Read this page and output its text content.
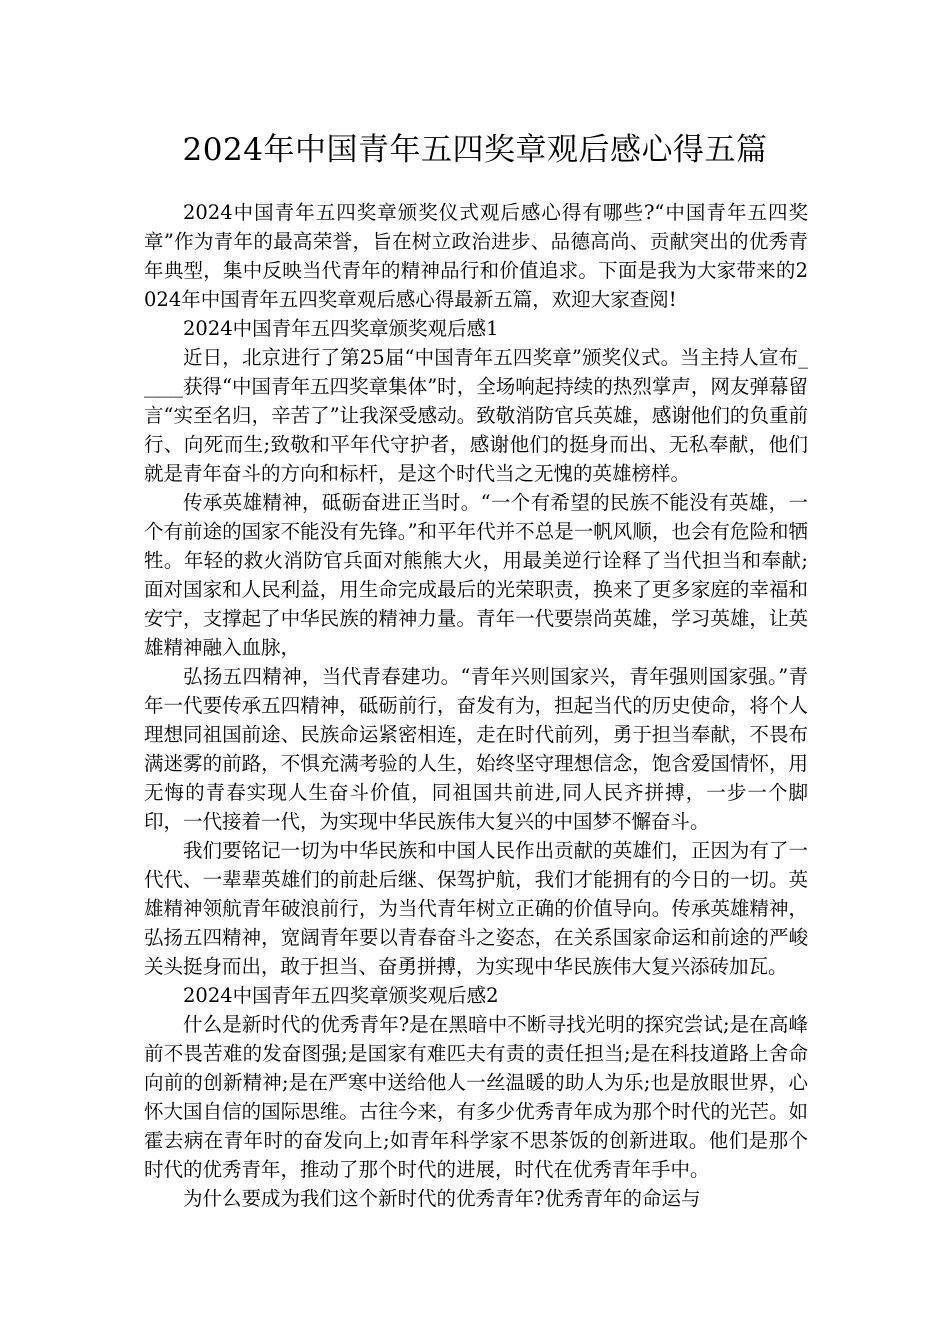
2024年中国青年五四奖章观后感心得五篇

2024中国青年五四奖章颁奖仪式观后感心得有哪些?“中国青年五四奖章”作为青年的最高荣誉，旨在树立政治进步、品德高尚、贡献突出的优秀青年典型，集中反映当代青年的精神品行和价值追求。下面是我为大家带来的2024年中国青年五四奖章观后感心得最新五篇，欢迎大家查阅!

2024中国青年五四奖章颁奖观后感1

近日，北京进行了第25届“中国青年五四奖章”颁奖仪式。当主持人宣布_____获得“中国青年五四奖章集体”时，全场响起持续的热烈掌声，网友弹幕留言“实至名归，辛苦了”让我深受感动。致敬消防官兵英雄，感谢他们的负重前行、向死而生;致敬和平年代守护者，感谢他们的挺身而出、无私奉献，他们就是青年奋斗的方向和标杆，是这个时代当之无愧的英雄榜样。

传承英雄精神，砥砺奋进正当时。“一个有希望的民族不能没有英雄，一个有前途的国家不能没有先锋。”和平年代并不总是一帆风顺，也会有危险和牺牲。年轻的救火消防官兵面对熊熊大火，用最美逆行诠释了当代担当和奉献;面对国家和人民利益，用生命完成最后的光荣职责，换来了更多家庭的幸福和安宁，支撑起了中华民族的精神力量。青年一代要崇尚英雄，学习英雄，让英雄精神融入血脉，

弘扬五四精神，当代青春建功。“青年兴则国家兴，青年强则国家强。”青年一代要传承五四精神，砥砺前行，奋发有为，担起当代的历史使命，将个人理想同祖国前途、民族命运紧密相连，走在时代前列，勇于担当奉献，不畏布满迷雾的前路，不惧充满考验的人生，始终坚守理想信念，饱含爱国情怀，用无悔的青春实现人生奋斗价值，同祖国共前进,同人民齐拼搏，一步一个脚印，一代接着一代，为实现中华民族伟大复兴的中国梦不懈奋斗。

我们要铭记一切为中华民族和中国人民作出贡献的英雄们，正因为有了一代代、一辈辈英雄们的前赴后继、保驾护航，我们才能拥有的今日的一切。英雄精神领航青年破浪前行，为当代青年树立正确的价值导向。传承英雄精神，弘扬五四精神，宽阔青年要以青春奋斗之姿态，在关系国家命运和前途的严峻关头挺身而出，敢于担当、奋勇拼搏，为实现中华民族伟大复兴添砖加瓦。

2024中国青年五四奖章颁奖观后感2

什么是新时代的优秀青年?是在黑暗中不断寻找光明的探究尝试;是在高峰前不畏苦难的发奋图强;是国家有难匹夫有责的责任担当;是在科技道路上舍命向前的创新精神;是在严寒中送给他人一丝温暖的助人为乐;也是放眼世界，心怀大国自信的国际思维。古往今来，有多少优秀青年成为那个时代的光芒。如霍去病在青年时的奋发向上;如青年科学家不思茶饭的创新进取。他们是那个时代的优秀青年，推动了那个时代的进展，时代在优秀青年手中。

为什么要成为我们这个新时代的优秀青年?优秀青年的命运与
